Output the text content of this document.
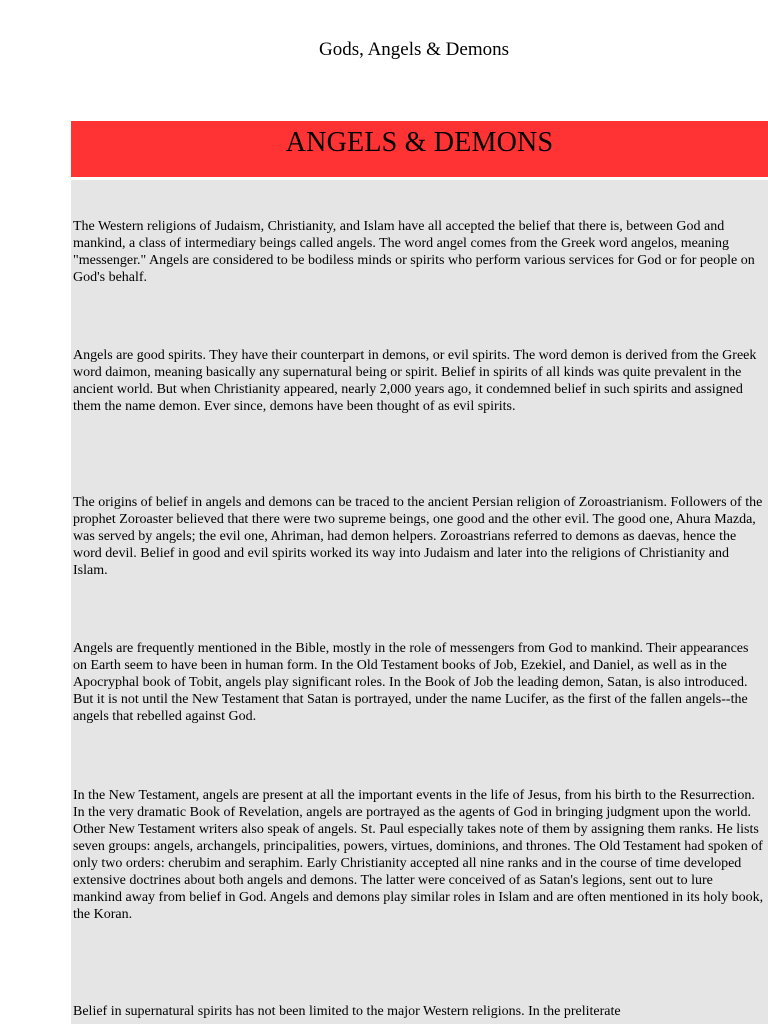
Gods, Angels & Demons
ANGELS & DEMONS

The Western religions of Judaism, Christianity, and Islam have all accepted the belief that there is, between God and mankind, a class of intermediary beings called angels. The word angel comes from the Greek word angelos, meaning "messenger." Angels are considered to be bodiless minds or spirits who perform various services for God or for people on God's behalf.

Angels are good spirits. They have their counterpart in demons, or evil spirits. The word demon is derived from the Greek word daimon, meaning basically any supernatural being or spirit. Belief in spirits of all kinds was quite prevalent in the ancient world. But when Christianity appeared, nearly 2,000 years ago, it condemned belief in such spirits and assigned them the name demon. Ever since, demons have been thought of as evil spirits.

The origins of belief in angels and demons can be traced to the ancient Persian religion of Zoroastrianism. Followers of the prophet Zoroaster believed that there were two supreme beings, one good and the other evil. The good one, Ahura Mazda, was served by angels; the evil one, Ahriman, had demon helpers. Zoroastrians referred to demons as daevas, hence the word devil. Belief in good and evil spirits worked its way into Judaism and later into the religions of Christianity and Islam.

Angels are frequently mentioned in the Bible, mostly in the role of messengers from God to mankind. Their appearances on Earth seem to have been in human form. In the Old Testament books of Job, Ezekiel, and Daniel, as well as in the Apocryphal book of Tobit, angels play significant roles. In the Book of Job the leading demon, Satan, is also introduced. But it is not until the New Testament that Satan is portrayed, under the name Lucifer, as the first of the fallen angels--the angels that rebelled against God.

In the New Testament, angels are present at all the important events in the life of Jesus, from his birth to the Resurrection. In the very dramatic Book of Revelation, angels are portrayed as the agents of God in bringing judgment upon the world. Other New Testament writers also speak of angels. St. Paul especially takes note of them by assigning them ranks. He lists seven groups: angels, archangels, principalities, powers, virtues, dominions, and thrones. The Old Testament had spoken of only two orders: cherubim and seraphim. Early Christianity accepted all nine ranks and in the course of time developed extensive doctrines about both angels and demons. The latter were conceived of as Satan's legions, sent out to lure mankind away from belief in God. Angels and demons play similar roles in Islam and are often mentioned in its holy book, the Koran.

Belief in supernatural spirits has not been limited to the major Western religions. In the preliterate
